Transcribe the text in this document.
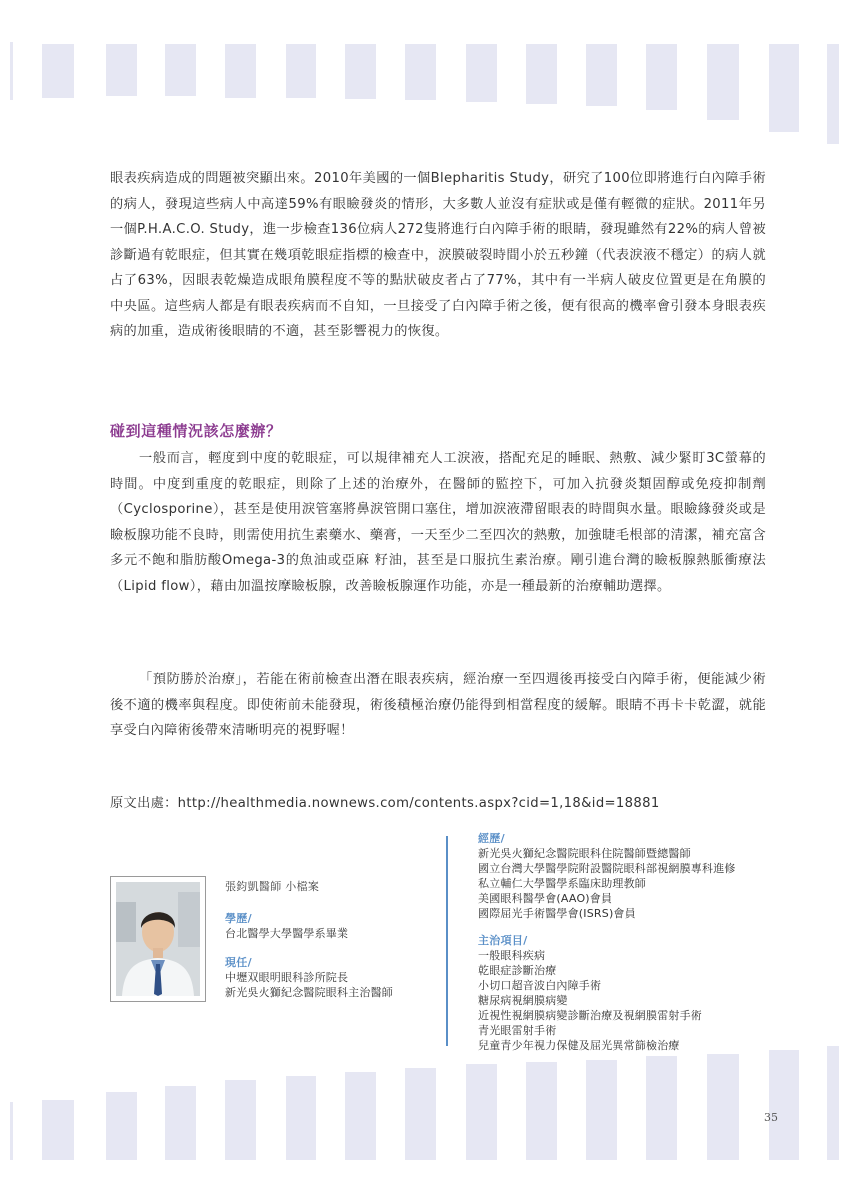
眼表疾病造成的問題被突顯出來。2010年美國的一個Blepharitis Study，研究了100位即將進行白內障手術的病人，發現這些病人中高達59%有眼瞼發炎的情形，大多數人並沒有症狀或是僅有輕微的症狀。2011年另一個P.H.A.C.O. Study，進一步檢查136位病人272隻將進行白內障手術的眼睛，發現雖然有22%的病人曾被診斷過有乾眼症，但其實在幾項乾眼症指標的檢查中，淚膜破裂時間小於五秒鐘（代表淚液不穩定）的病人就占了63%，因眼表乾燥造成眼角膜程度不等的點狀破皮者占了77%，其中有一半病人破皮位置更是在角膜的中央區。這些病人都是有眼表疾病而不自知，一旦接受了白內障手術之後，便有很高的機率會引發本身眼表疾病的加重，造成術後眼睛的不適，甚至影響視力的恢復。

碰到這種情況該怎麼辦？

一般而言，輕度到中度的乾眼症，可以規律補充人工淚液，搭配充足的睡眠、熱敷、減少緊盯3C螢幕的時間。中度到重度的乾眼症，則除了上述的治療外，在醫師的監控下，可加入抗發炎類固醇或免疫抑制劑（Cyclosporine），甚至是使用淚管塞將鼻淚管開口塞住，增加淚液滯留眼表的時間與水量。眼瞼緣發炎或是瞼板腺功能不良時，則需使用抗生素藥水、藥膏，一天至少二至四次的熱敷，加強睫毛根部的清潔，補充富含多元不飽和脂肪酸Omega-3的魚油或亞麻 籽油，甚至是口服抗生素治療。剛引進台灣的瞼板腺熱脈衝療法（Lipid flow），藉由加溫按摩瞼板腺，改善瞼板腺運作功能，亦是一種最新的治療輔助選擇。

「預防勝於治療」，若能在術前檢查出潛在眼表疾病，經治療一至四週後再接受白內障手術，便能減少術後不適的機率與程度。即使術前未能發現，術後積極治療仍能得到相當程度的緩解。眼睛不再卡卡乾澀，就能享受白內障術後帶來清晰明亮的視野喔！

原文出處：http://healthmedia.nownews.com/contents.aspx?cid=1,18&id=18881

張鈞凱醫師 小檔案

學歷/

台北醫學大學醫學系畢業

現任/

中壢双眼明眼科診所院長

新光吳火獅紀念醫院眼科主治醫師

經歷/

新光吳火獅紀念醫院眼科住院醫師暨總醫師

國立台灣大學醫學院附設醫院眼科部視網膜專科進修

私立輔仁大學醫學系臨床助理教師

美國眼科醫學會(AAO)會員

國際屈光手術醫學會(ISRS)會員

主治項目/

一般眼科疾病

乾眼症診斷治療

小切口超音波白內障手術

糖尿病視網膜病變

近視性視網膜病變診斷治療及視網膜雷射手術

青光眼雷射手術

兒童青少年視力保健及屈光異常篩檢治療

35
